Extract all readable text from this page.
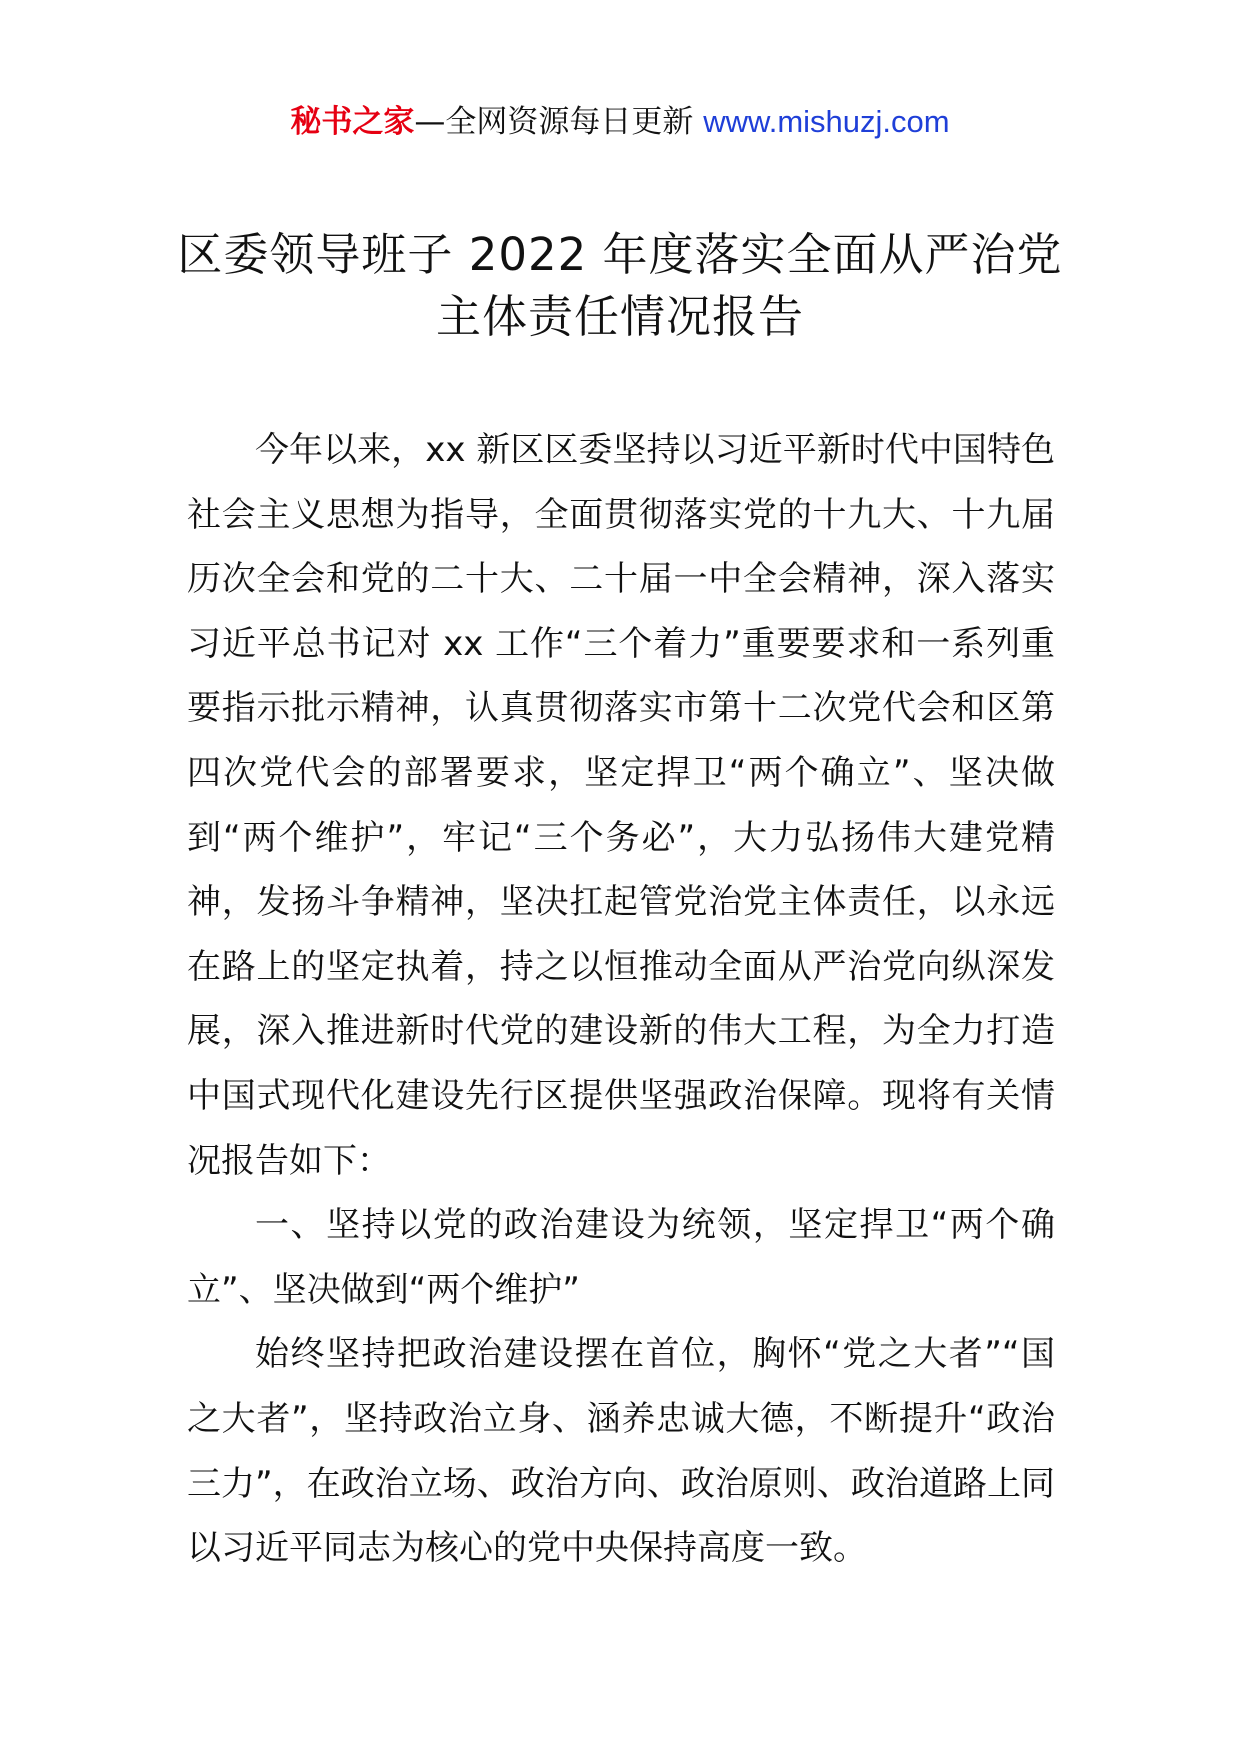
秘书之家—全网资源每日更新 www.mishuzj.com
区委领导班子 2022 年度落实全面从严治党
主体责任情况报告

今年以来，xx 新区区委坚持以习近平新时代中国特色社会主义思想为指导，全面贯彻落实党的十九大、十九届历次全会和党的二十大、二十届一中全会精神，深入落实习近平总书记对 xx 工作“三个着力”重要要求和一系列重要指示批示精神，认真贯彻落实市第十二次党代会和区第四次党代会的部署要求，坚定捍卫“两个确立”、坚决做到“两个维护”，牢记“三个务必”，大力弘扬伟大建党精神，发扬斗争精神，坚决扛起管党治党主体责任，以永远在路上的坚定执着，持之以恒推动全面从严治党向纵深发展，深入推进新时代党的建设新的伟大工程，为全力打造中国式现代化建设先行区提供坚强政治保障。现将有关情况报告如下：

一、坚持以党的政治建设为统领，坚定捍卫“两个确立”、坚决做到“两个维护”

始终坚持把政治建设摆在首位，胸怀“党之大者”“国之大者”，坚持政治立身、涵养忠诚大德，不断提升“政治三力”，在政治立场、政治方向、政治原则、政治道路上同以习近平同志为核心的党中央保持高度一致。
